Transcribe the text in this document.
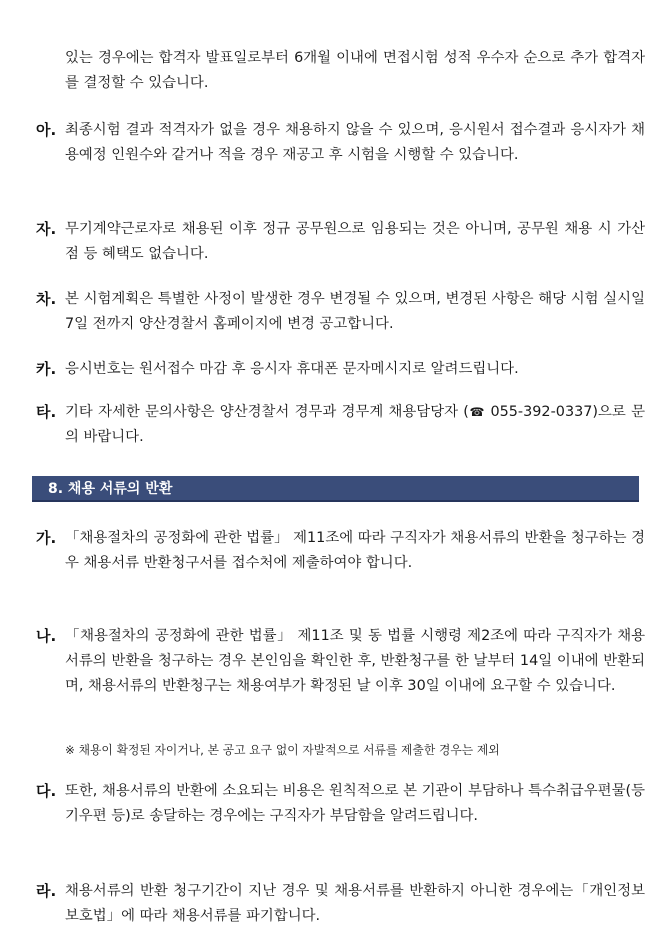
있는 경우에는 합격자 발표일로부터 6개월 이내에 면접시험 성적 우수자 순으로 추가 합격자를 결정할 수 있습니다.
아. 최종시험 결과 적격자가 없을 경우 채용하지 않을 수 있으며, 응시원서 접수결과 응시자가 채용예정 인원수와 같거나 적을 경우 재공고 후 시험을 시행할 수 있습니다.
자. 무기계약근로자로 채용된 이후 정규 공무원으로 임용되는 것은 아니며, 공무원 채용 시 가산점 등 혜택도 없습니다.
차. 본 시험계획은 특별한 사정이 발생한 경우 변경될 수 있으며, 변경된 사항은 해당 시험 실시일 7일 전까지 양산경찰서 홈페이지에 변경 공고합니다.
카. 응시번호는 원서접수 마감 후 응시자 휴대폰 문자메시지로 알려드립니다.
타. 기타 자세한 문의사항은 양산경찰서 경무과 경무계 채용담당자 (☎ 055-392-0337)으로 문의 바랍니다.
8. 채용 서류의 반환
가. 「채용절차의 공정화에 관한 법률」 제11조에 따라 구직자가 채용서류의 반환을 청구하는 경우 채용서류 반환청구서를 접수처에 제출하여야 합니다.
나. 「채용절차의 공정화에 관한 법률」 제11조 및 동 법률 시행령 제2조에 따라 구직자가 채용서류의 반환을 청구하는 경우 본인임을 확인한 후, 반환청구를 한 날부터 14일 이내에 반환되며, 채용서류의 반환청구는 채용여부가 확정된 날 이후 30일 이내에 요구할 수 있습니다.
※ 채용이 확정된 자이거나, 본 공고 요구 없이 자발적으로 서류를 제출한 경우는 제외
다. 또한, 채용서류의 반환에 소요되는 비용은 원칙적으로 본 기관이 부담하나 특수취급우편물(등기우편 등)로 송달하는 경우에는 구직자가 부담함을 알려드립니다.
라. 채용서류의 반환 청구기간이 지난 경우 및 채용서류를 반환하지 아니한 경우에는「개인정보 보호법」에 따라 채용서류를 파기합니다.
